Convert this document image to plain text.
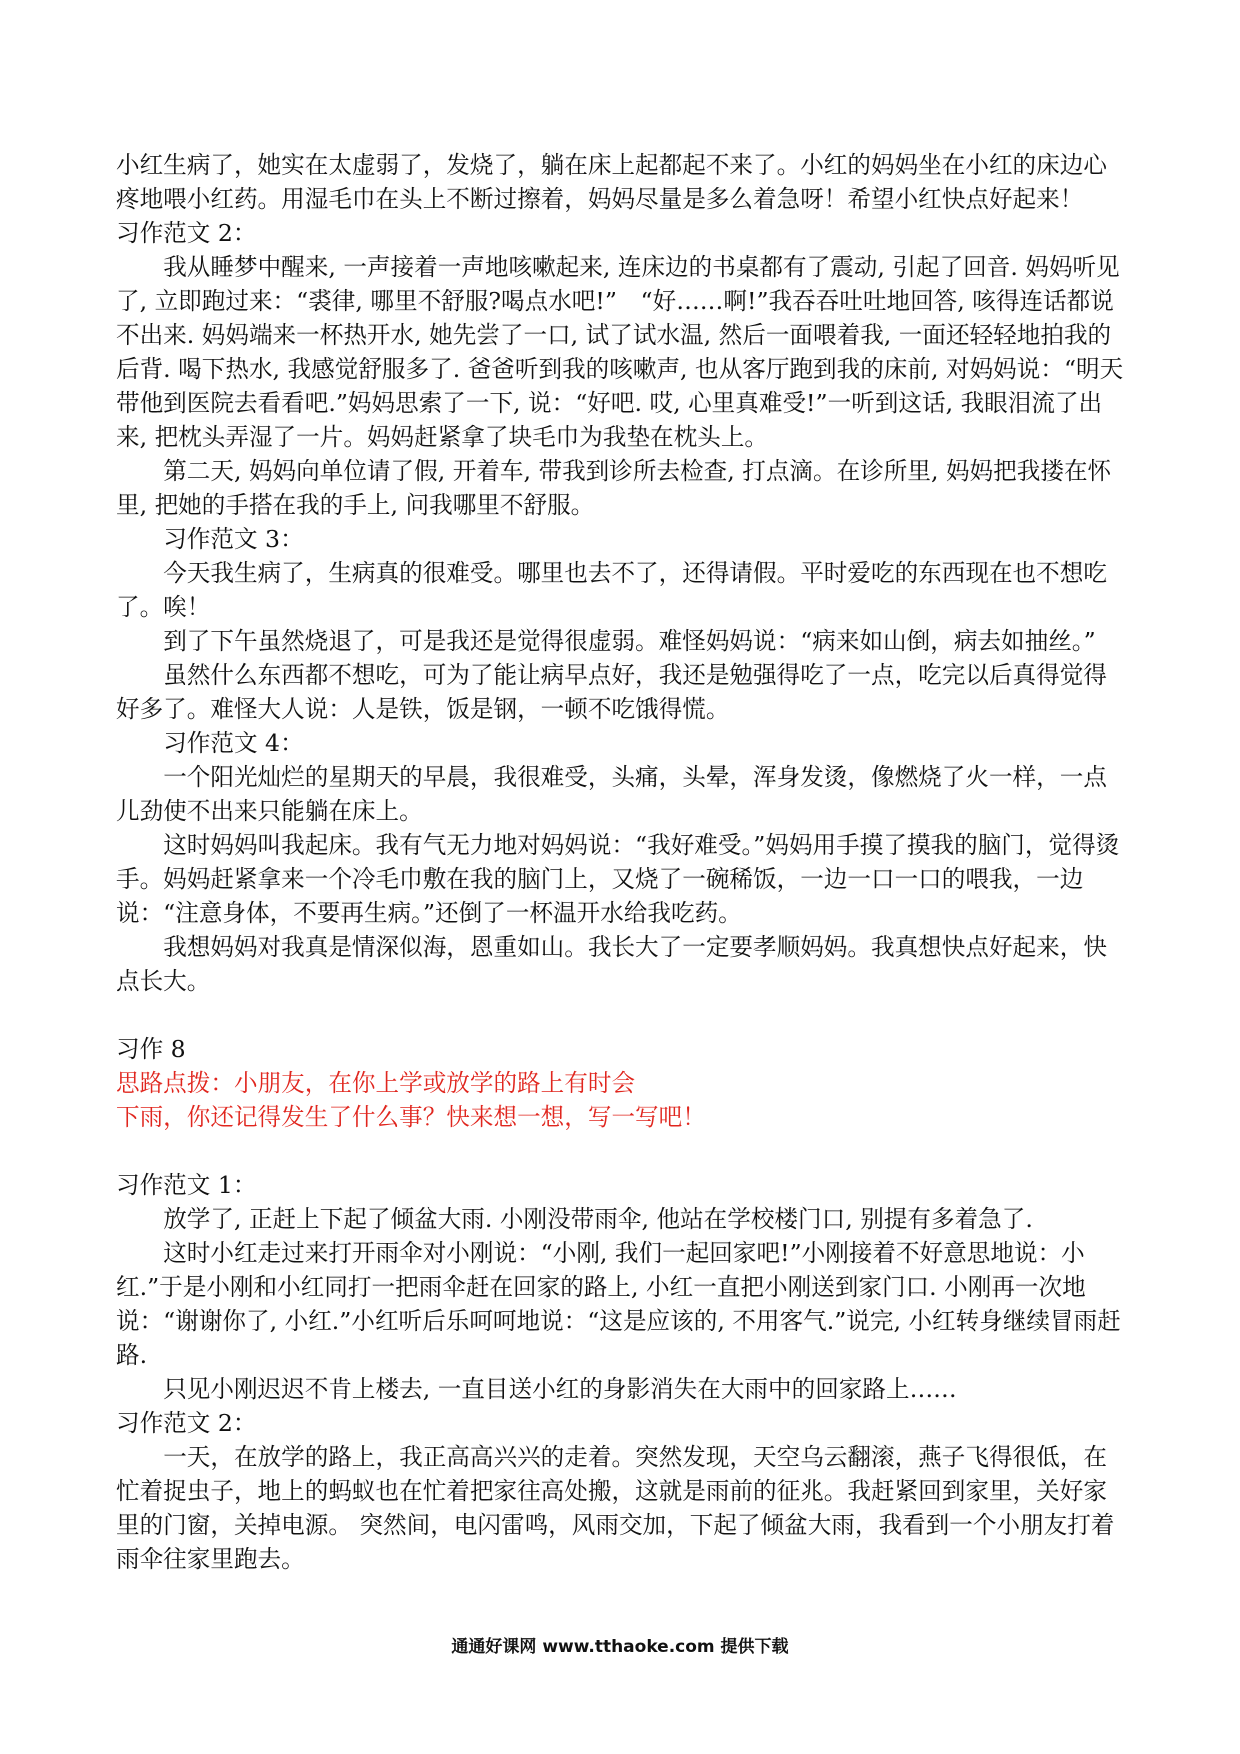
小红生病了，她实在太虚弱了，发烧了，躺在床上起都起不来了。小红的妈妈坐在小红的床边心疼地喂小红药。用湿毛巾在头上不断过擦着，妈妈尽量是多么着急呀！希望小红快点好起来！

习作范文 2：

我从睡梦中醒来, 一声接着一声地咳嗽起来, 连床边的书桌都有了震动, 引起了回音. 妈妈听见了, 立即跑过来：“裘律, 哪里不舒服?喝点水吧!”　“好……啊!”我吞吞吐吐地回答, 咳得连话都说不出来. 妈妈端来一杯热开水, 她先尝了一口, 试了试水温, 然后一面喂着我, 一面还轻轻地拍我的后背. 喝下热水, 我感觉舒服多了. 爸爸听到我的咳嗽声, 也从客厅跑到我的床前, 对妈妈说：“明天带他到医院去看看吧.”妈妈思索了一下, 说：“好吧. 哎, 心里真难受!”一听到这话, 我眼泪流了出来, 把枕头弄湿了一片。妈妈赶紧拿了块毛巾为我垫在枕头上。

第二天, 妈妈向单位请了假, 开着车, 带我到诊所去检查, 打点滴。在诊所里, 妈妈把我搂在怀里, 把她的手搭在我的手上, 问我哪里不舒服。

习作范文 3：

今天我生病了，生病真的很难受。哪里也去不了，还得请假。平时爱吃的东西现在也不想吃了。唉！

到了下午虽然烧退了，可是我还是觉得很虚弱。难怪妈妈说：“病来如山倒，病去如抽丝。”

虽然什么东西都不想吃，可为了能让病早点好，我还是勉强得吃了一点，吃完以后真得觉得好多了。难怪大人说：人是铁，饭是钢，一顿不吃饿得慌。

习作范文 4：

一个阳光灿烂的星期天的早晨，我很难受，头痛，头晕，浑身发烫，像燃烧了火一样，一点儿劲使不出来只能躺在床上。

这时妈妈叫我起床。我有气无力地对妈妈说：“我好难受。”妈妈用手摸了摸我的脑门，觉得烫手。妈妈赶紧拿来一个冷毛巾敷在我的脑门上，又烧了一碗稀饭，一边一口一口的喂我，一边说：“注意身体，不要再生病。”还倒了一杯温开水给我吃药。

我想妈妈对我真是情深似海，恩重如山。我长大了一定要孝顺妈妈。我真想快点好起来，快点长大。

习作 8

思路点拨：小朋友，在你上学或放学的路上有时会

下雨，你还记得发生了什么事？快来想一想，写一写吧！

习作范文 1：

放学了, 正赶上下起了倾盆大雨. 小刚没带雨伞, 他站在学校楼门口, 别提有多着急了.

这时小红走过来打开雨伞对小刚说：“小刚, 我们一起回家吧!”小刚接着不好意思地说：小红.”于是小刚和小红同打一把雨伞赶在回家的路上, 小红一直把小刚送到家门口. 小刚再一次地说：“谢谢你了, 小红.”小红听后乐呵呵地说：“这是应该的, 不用客气.”说完, 小红转身继续冒雨赶路.

只见小刚迟迟不肯上楼去, 一直目送小红的身影消失在大雨中的回家路上……

习作范文 2：

一天，在放学的路上，我正高高兴兴的走着。突然发现，天空乌云翻滚，燕子飞得很低，在忙着捉虫子，地上的蚂蚁也在忙着把家往高处搬，这就是雨前的征兆。我赶紧回到家里，关好家里的门窗，关掉电源。 突然间，电闪雷鸣，风雨交加，下起了倾盆大雨，我看到一个小朋友打着雨伞往家里跑去。

通通好课网 www.tthaoke.com 提供下载
